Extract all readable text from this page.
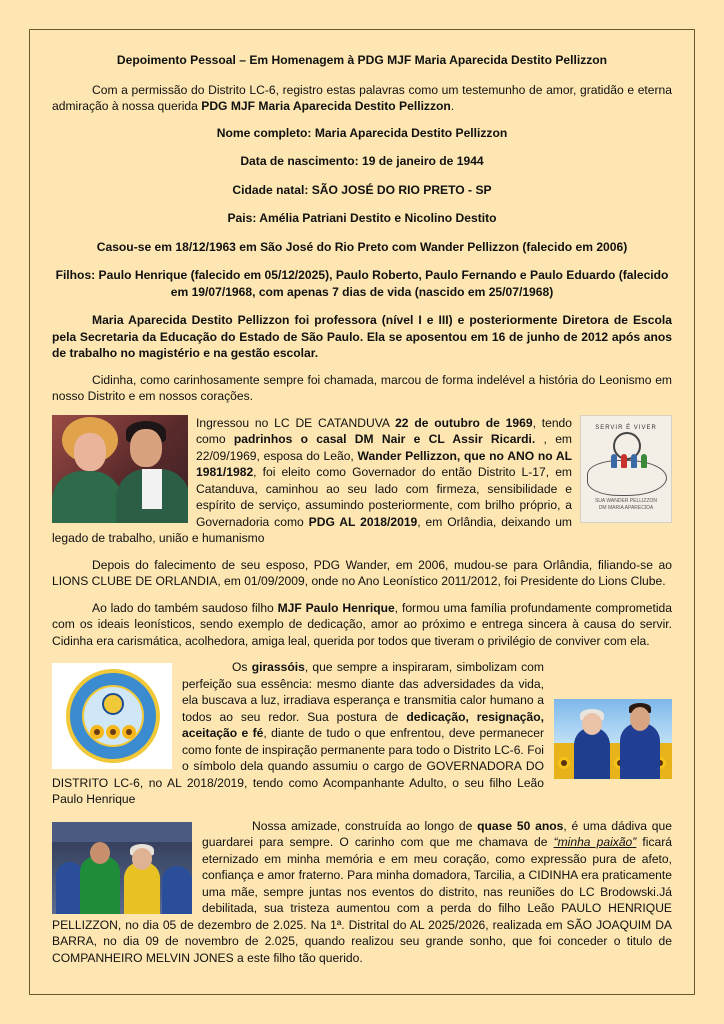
Depoimento Pessoal – Em Homenagem à PDG MJF Maria Aparecida Destito Pellizzon

Com a permissão do Distrito LC-6, registro estas palavras como um testemunho de amor, gratidão e eterna admiração à nossa querida PDG MJF Maria Aparecida Destito Pellizzon.

Nome completo: Maria Aparecida Destito Pellizzon
Data de nascimento: 19 de janeiro de 1944
Cidade natal: SÃO JOSÉ DO RIO PRETO - SP
Pais: Amélia Patriani Destito e Nicolino Destito
Casou-se em 18/12/1963 em São José do Rio Preto com Wander Pellizzon (falecido em 2006)
Filhos: Paulo Henrique (falecido em 05/12/2025), Paulo Roberto, Paulo Fernando e Paulo Eduardo (falecido em 19/07/1968, com apenas 7 dias de vida (nascido em 25/07/1968)

Maria Aparecida Destito Pellizzon foi professora (nível I e III) e posteriormente Diretora de Escola pela Secretaria da Educação do Estado de São Paulo. Ela se aposentou em 16 de junho de 2012 após anos de trabalho no magistério e na gestão escolar.

Cidinha, como carinhosamente sempre foi chamada, marcou de forma indelével a história do Leonismo em nosso Distrito e em nossos corações.

SERVIR É VIVER
SUA WANDER PELLIZZON
DM MARIA APARECIDA

Ingressou no LC DE CATANDUVA 22 de outubro de 1969, tendo como padrinhos o casal DM Nair e CL Assir Ricardi. , em 22/09/1969, esposa do Leão, Wander Pellizzon, que no ANO no AL 1981/1982, foi eleito como Governador do então Distrito L-17, em Catanduva, caminhou ao seu lado com firmeza, sensibilidade e espírito de serviço, assumindo posteriormente, com brilho próprio, a Governadoria como PDG AL 2018/2019, em Orlândia, deixando um legado de trabalho, união e humanismo

Depois do falecimento de seu esposo, PDG Wander, em 2006, mudou-se para Orlândia, filiando-se ao LIONS CLUBE DE ORLANDIA, em 01/09/2009, onde no Ano Leonístico 2011/2012, foi Presidente do Lions Clube.

Ao lado do também saudoso filho MJF Paulo Henrique, formou uma família profundamente comprometida com os ideais leonísticos, sendo exemplo de dedicação, amor ao próximo e entrega sincera à causa do servir. Cidinha era carismática, acolhedora, amiga leal, querida por todos que tiveram o privilégio de conviver com ela.

Os girassóis, que sempre a inspiraram, simbolizam com perfeição sua essência: mesmo diante das adversidades da vida, ela buscava a luz, irradiava esperança e transmitia calor humano a todos ao seu redor. Sua postura de dedicação, resignação, aceitação e fé, diante de tudo o que enfrentou, deve permanecer como fonte de inspiração permanente para todo o Distrito LC-6. Foi o símbolo dela quando assumiu o cargo de GOVERNADORA DO DISTRITO LC-6, no AL 2018/2019, tendo como Acompanhante Adulto, o seu filho Leão Paulo Henrique

Nossa amizade, construída ao longo de quase 50 anos, é uma dádiva que guardarei para sempre. O carinho com que me chamava de “minha paixão” ficará eternizado em minha memória e em meu coração, como expressão pura de afeto, confiança e amor fraterno. Para minha domadora, Tarcilia, a CIDINHA era praticamente uma mãe, sempre juntas nos eventos do distrito, nas reuniões do LC Brodowski.Já debilitada, sua tristeza aumentou com a perda do filho Leão PAULO HENRIQUE PELLIZZON, no dia 05 de dezembro de 2.025. Na 1ª. Distrital do AL 2025/2026, realizada em SÃO JOAQUIM DA BARRA, no dia 09 de novembro de 2.025, quando realizou seu grande sonho, que foi conceder o titulo de COMPANHEIRO MELVIN JONES a este filho tão querido.
